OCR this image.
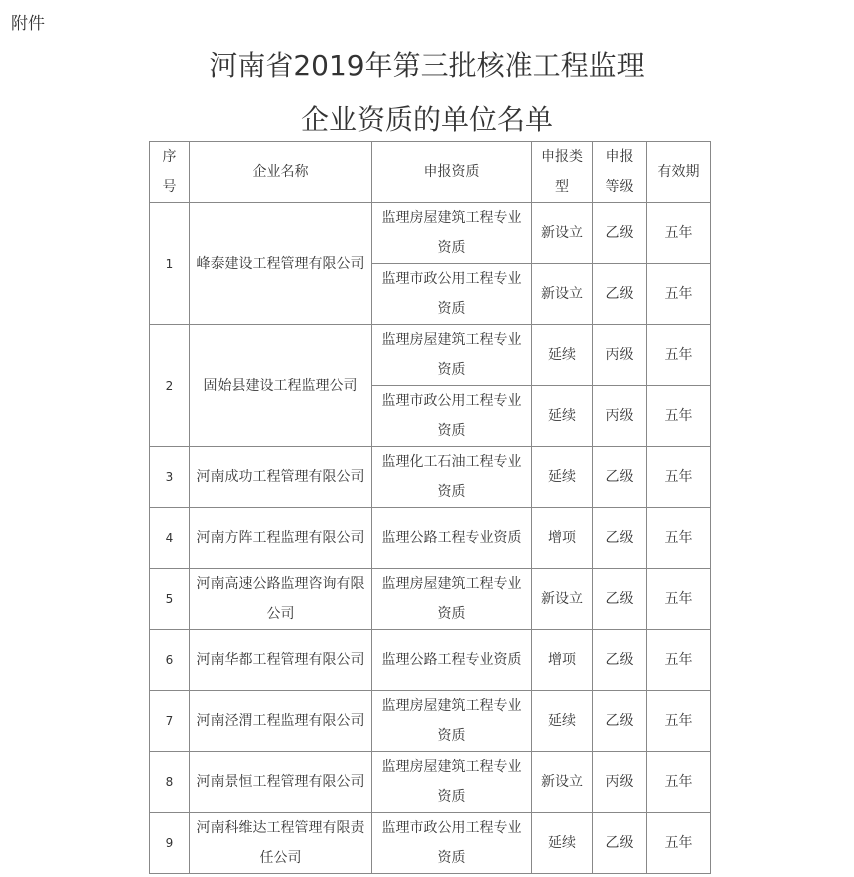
附件
河南省2019年第三批核准工程监理
企业资质的单位名单
序号	企业名称	申报资质	申报类型	申报等级	有效期
1	峰泰建设工程管理有限公司	监理房屋建筑工程专业资质	新设立	乙级	五年
		监理市政公用工程专业资质	新设立	乙级	五年
2	固始县建设工程监理公司	监理房屋建筑工程专业资质	延续	丙级	五年
		监理市政公用工程专业资质	延续	丙级	五年
3	河南成功工程管理有限公司	监理化工石油工程专业资质	延续	乙级	五年
4	河南方阵工程监理有限公司	监理公路工程专业资质	增项	乙级	五年
5	河南高速公路监理咨询有限公司	监理房屋建筑工程专业资质	新设立	乙级	五年
6	河南华都工程管理有限公司	监理公路工程专业资质	增项	乙级	五年
7	河南泾渭工程监理有限公司	监理房屋建筑工程专业资质	延续	乙级	五年
8	河南景恒工程管理有限公司	监理房屋建筑工程专业资质	新设立	丙级	五年
9	河南科维达工程管理有限责任公司	监理市政公用工程专业资质	延续	乙级	五年
